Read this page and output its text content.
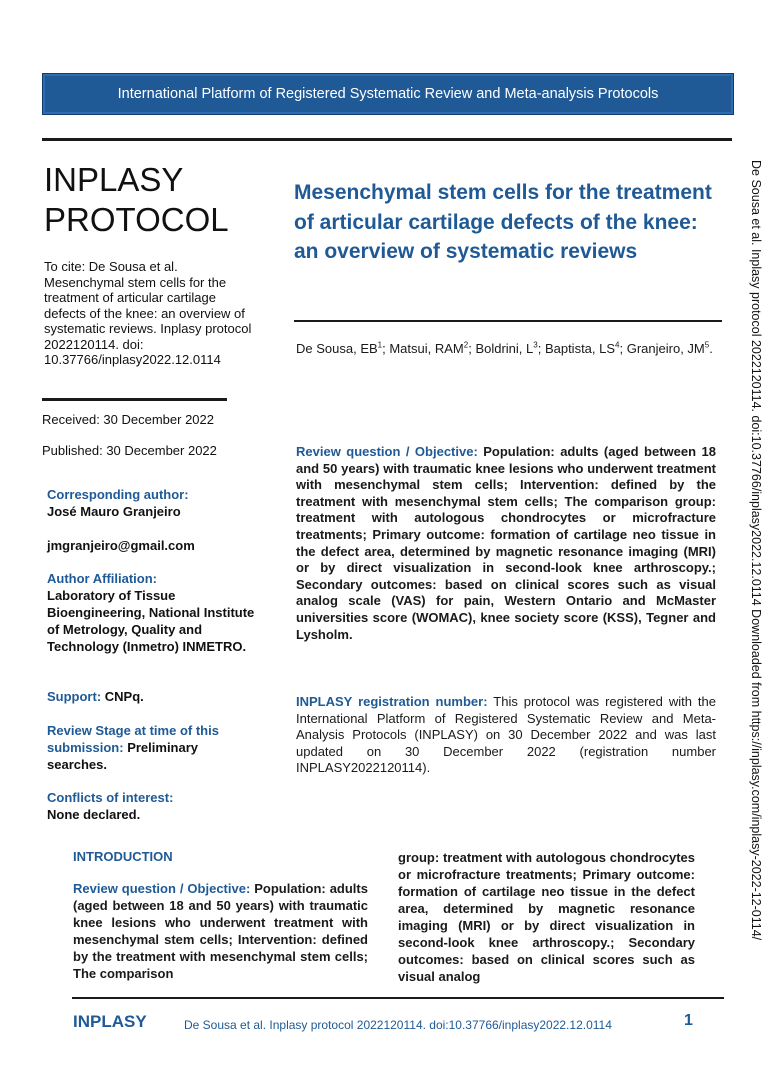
International Platform of Registered Systematic Review and Meta-analysis Protocols
INPLASY
PROTOCOL
To cite: De Sousa et al. Mesenchymal stem cells for the treatment of articular cartilage defects of the knee: an overview of systematic reviews. Inplasy protocol 2022120114. doi: 10.37766/inplasy2022.12.0114
Received: 30 December 2022
Published: 30 December 2022
Corresponding author:
José Mauro Granjeiro
jmgranjeiro@gmail.com
Author Affiliation:
Laboratory of Tissue Bioengineering, National Institute of Metrology, Quality and Technology (Inmetro) INMETRO.
Support: CNPq.
Review Stage at time of this submission: Preliminary searches.
Conflicts of interest:
None declared.
Mesenchymal stem cells for the treatment of articular cartilage defects of the knee: an overview of systematic reviews
De Sousa, $EB^1$; Matsui, RAM$^2$; Boldrini, $L^3$; Baptista, $LS^4$; Granjeiro, $JM^5$.
Review question / Objective: Population: adults (aged between 18 and 50 years) with traumatic knee lesions who underwent treatment with mesenchymal stem cells; Intervention: defined by the treatment with mesenchymal stem cells; The comparison group: treatment with autologous chondrocytes or microfracture treatments; Primary outcome: formation of cartilage neo tissue in the defect area, determined by magnetic resonance imaging (MRI) or by direct visualization in second-look knee arthroscopy.; Secondary outcomes: based on clinical scores such as visual analog scale (VAS) for pain, Western Ontario and McMaster universities score (WOMAC), knee society score (KSS), Tegner and Lysholm.
INPLASY registration number: This protocol was registered with the International Platform of Registered Systematic Review and Meta-Analysis Protocols (INPLASY) on 30 December 2022 and was last updated on 30 December 2022 (registration number INPLASY2022120114).
INTRODUCTION
Review question / Objective: Population: adults (aged between 18 and 50 years) with traumatic knee lesions who underwent treatment with mesenchymal stem cells; Intervention: defined by the treatment with mesenchymal stem cells; The comparison
group: treatment with autologous chondrocytes or microfracture treatments; Primary outcome: formation of cartilage neo tissue in the defect area, determined by magnetic resonance imaging (MRI) or by direct visualization in second-look knee arthroscopy.; Secondary outcomes: based on clinical scores such as visual analog
INPLASY	De Sousa et al. Inplasy protocol 2022120114. doi:10.37766/inplasy2022.12.0114	1
De Sousa et al. Inplasy protocol 2022120114. doi:10.37766/inplasy2022.12.0114 Downloaded from https://inplasy.com/inplasy-2022-12-0114/
